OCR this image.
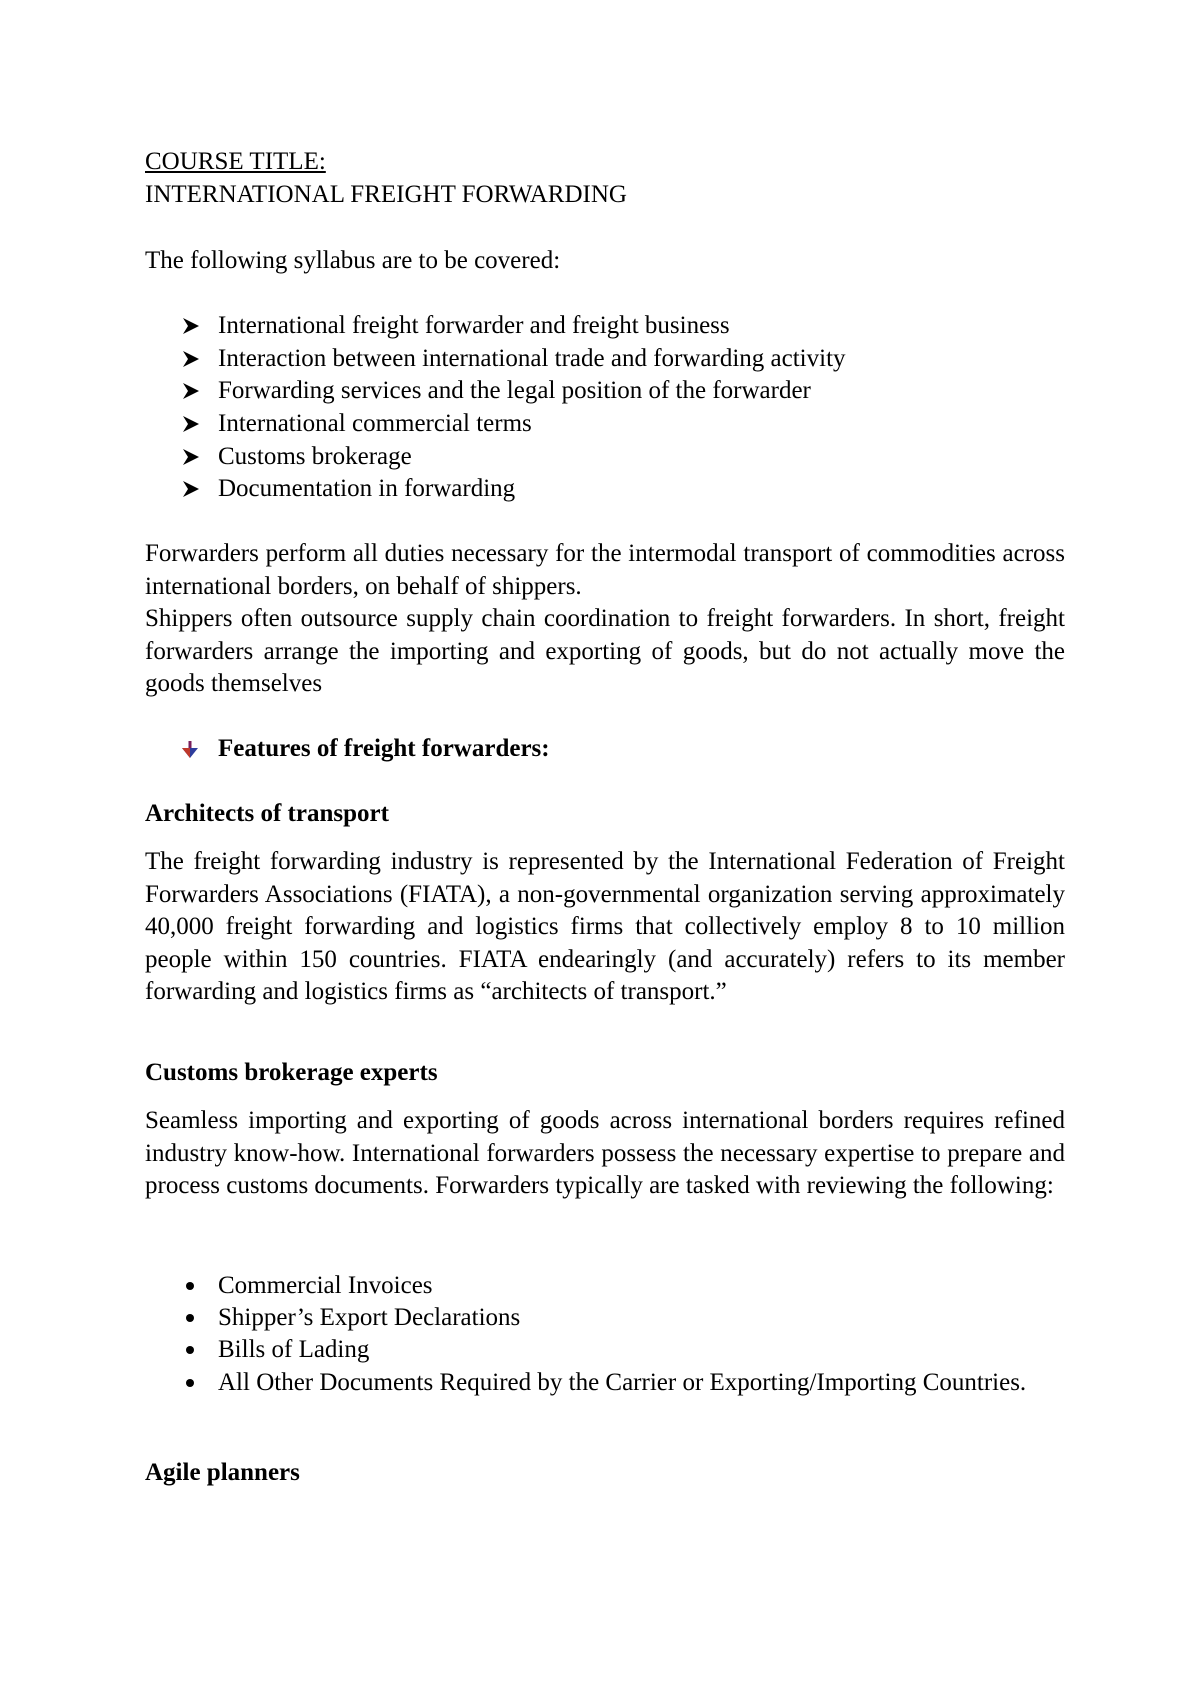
COURSE TITLE:
INTERNATIONAL FREIGHT FORWARDING
The following syllabus are to be covered:
International freight forwarder and freight business
Interaction between international trade and forwarding activity
Forwarding services and the legal position of the forwarder
International commercial terms
Customs brokerage
Documentation in forwarding
Forwarders perform all duties necessary for the intermodal transport of commodities across international borders, on behalf of shippers.
Shippers often outsource supply chain coordination to freight forwarders. In short, freight forwarders arrange the importing and exporting of goods, but do not actually move the goods themselves
Features of freight forwarders:
Architects of transport
The freight forwarding industry is represented by the International Federation of Freight Forwarders Associations (FIATA), a non-governmental organization serving approximately 40,000 freight forwarding and logistics firms that collectively employ 8 to 10 million people within 150 countries. FIATA endearingly (and accurately) refers to its member forwarding and logistics firms as “architects of transport.”
Customs brokerage experts
Seamless importing and exporting of goods across international borders requires refined industry know-how. International forwarders possess the necessary expertise to prepare and process customs documents. Forwarders typically are tasked with reviewing the following:
Commercial Invoices
Shipper’s Export Declarations
Bills of Lading
All Other Documents Required by the Carrier or Exporting/Importing Countries.
Agile planners
